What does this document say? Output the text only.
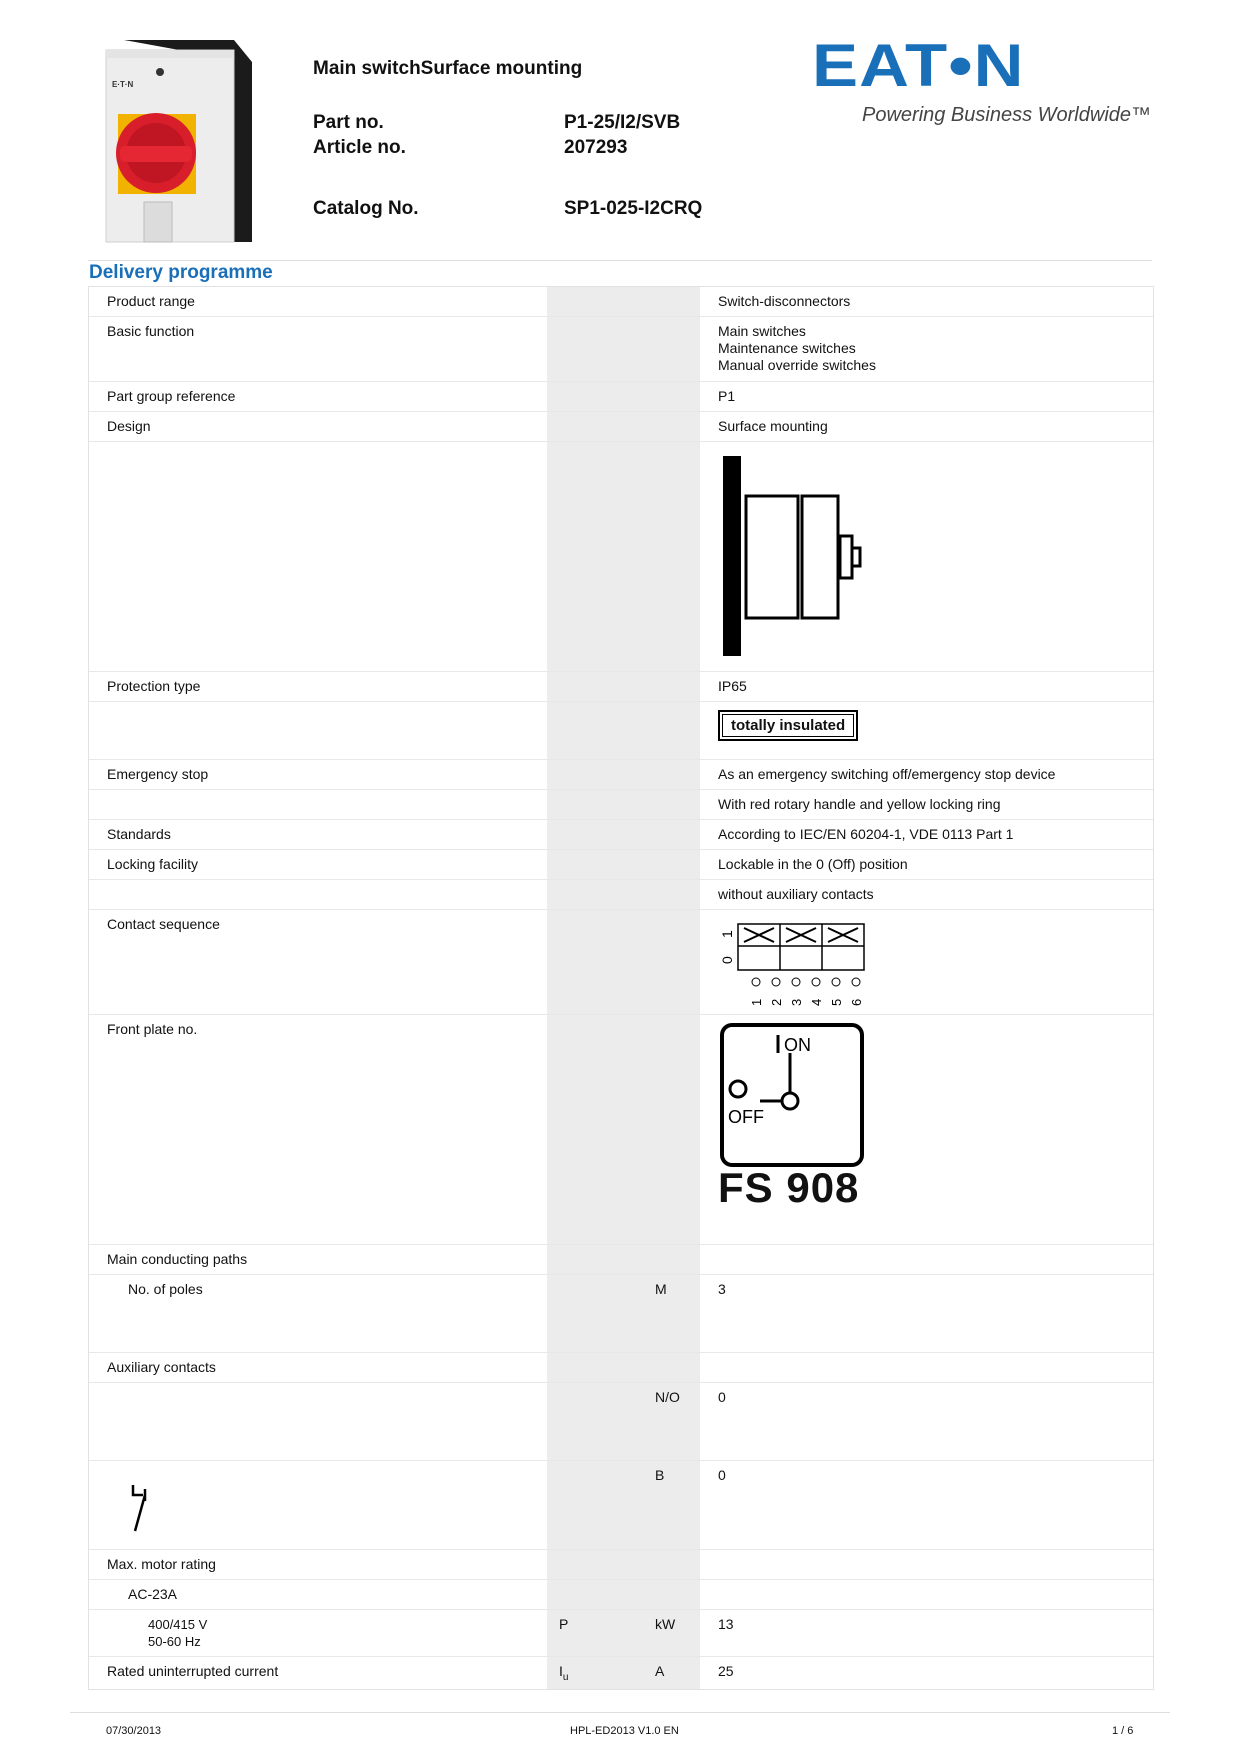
E·T·N
Main switchSurface mounting
Part no.	P1-25/I2/SVB
Article no.	207293
Catalog No.	SP1-025-I2CRQ
EAT•N
Powering Business Worldwide™
Delivery programme
Product range	Switch-disconnectors
Basic function	Main switches
Maintenance switches
Manual override switches
Part group reference	P1
Design	Surface mounting
Protection type	IP65
totally insulated
Emergency stop	As an emergency switching off/emergency stop device
With red rotary handle and yellow locking ring
Standards	According to IEC/EN 60204-1, VDE 0113 Part 1
Locking facility	Lockable in the 0 (Off) position
without auxiliary contacts
Contact sequence
0
1
1 2 3 4 5 6
Front plate no.
ON
OFF
FS 908
Main conducting paths
No. of poles	M	3
Auxiliary contacts
N/O	0
B	0
Max. motor rating
AC-23A
400/415 V
50-60 Hz
P	kW	13
Rated uninterrupted current	$I_u$	A	25
07/30/2013	HPL-ED2013 V1.0 EN	1 / 6
